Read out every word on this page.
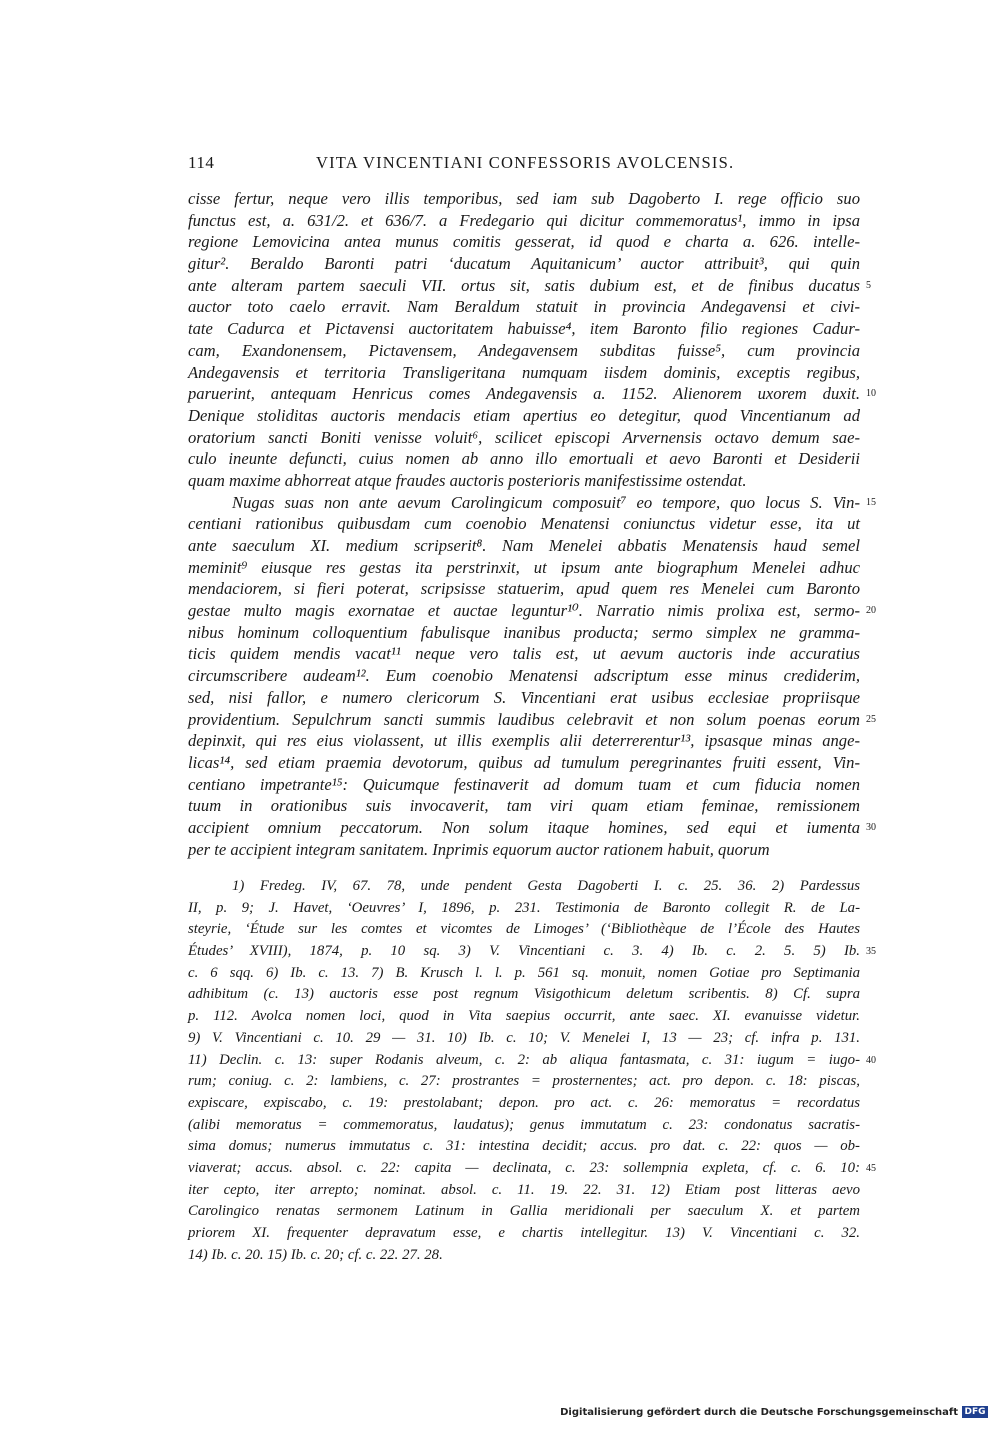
114	VITA VINCENTIANI CONFESSORIS AVOLCENSIS.
cisse fertur, neque vero illis temporibus, sed iam sub Dagoberto I. rege officio suo
functus est, a. 631/2. et 636/7. a Fredegario qui dicitur commemoratus¹, immo in ipsa
regione Lemovicina antea munus comitis gesserat, id quod e charta a. 626. intelle-
gitur². Beraldo Baronti patri ‘ducatum Aquitanicum’ auctor attribuit³, qui quin
ante alteram partem saeculi VII. ortus sit, satis dubium est, et de finibus ducatus 5
auctor toto caelo erravit. Nam Beraldum statuit in provincia Andegavensi et civi-
tate Cadurca et Pictavensi auctoritatem habuisse⁴, item Baronto filio regiones Cadur-
cam, Exandonensem, Pictavensem, Andegavensem subditas fuisse⁵, cum provincia
Andegavensis et territoria Transligeritana numquam iisdem dominis, exceptis regibus,
paruerint, antequam Henricus comes Andegavensis a. 1152. Alienorem uxorem duxit. 10
Denique stoliditas auctoris mendacis etiam apertius eo detegitur, quod Vincentianum ad
oratorium sancti Boniti venisse voluit⁶, scilicet episcopi Arvernensis octavo demum sae-
culo ineunte defuncti, cuius nomen ab anno illo emortuali et aevo Baronti et Desiderii
quam maxime abhorreat atque fraudes auctoris posterioris manifestissime ostendat.
Nugas suas non ante aevum Carolingicum composuit⁷ eo tempore, quo locus S. Vin- 15
centiani rationibus quibusdam cum coenobio Menatensi coniunctus videtur esse, ita ut
ante saeculum XI. medium scripserit⁸. Nam Menelei abbatis Menatensis haud semel
meminit⁹ eiusque res gestas ita perstrinxit, ut ipsum ante biographum Menelei adhuc
mendaciorem, si fieri poterat, scripsisse statuerim, apud quem res Menelei cum Baronto
gestae multo magis exornatae et auctae leguntur¹⁰. Narratio nimis prolixa est, sermo- 20
nibus hominum colloquentium fabulisque inanibus producta; sermo simplex ne gramma-
ticis quidem mendis vacat¹¹ neque vero talis est, ut aevum auctoris inde accuratius
circumscribere audeam¹². Eum coenobio Menatensi adscriptum esse minus crediderim,
sed, nisi fallor, e numero clericorum S. Vincentiani erat usibus ecclesiae propriisque
providentium. Sepulchrum sancti summis laudibus celebravit et non solum poenas eorum 25
depinxit, qui res eius violassent, ut illis exemplis alii deterrerentur¹³, ipsasque minas ange-
licas¹⁴, sed etiam praemia devotorum, quibus ad tumulum peregrinantes fruiti essent, Vin-
centiano impetrante¹⁵: Quicumque festinaverit ad domum tuam et cum fiducia nomen
tuum in orationibus suis invocaverit, tam viri quam etiam feminae, remissionem
accipient omnium peccatorum. Non solum itaque homines, sed equi et iumenta 30
per te accipient integram sanitatem. Inprimis equorum auctor rationem habuit, quorum
1) Fredeg. IV, 67. 78, unde pendent Gesta Dagoberti I. c. 25. 36. 2) Pardessus
II, p. 9; J. Havet, ‘Oeuvres’ I, 1896, p. 231. Testimonia de Baronto collegit R. de La-
steyrie, ‘Étude sur les comtes et vicomtes de Limoges’ (‘Bibliothèque de l’École des Hautes
Études’ XVIII), 1874, p. 10 sq. 3) V. Vincentiani c. 3. 4) Ib. c. 2. 5. 5) Ib. 35
c. 6 sqq. 6) Ib. c. 13. 7) B. Krusch l. l. p. 561 sq. monuit, nomen Gotiae pro Septimania
adhibitum (c. 13) auctoris esse post regnum Visigothicum deletum scribentis. 8) Cf. supra
p. 112. Avolca nomen loci, quod in Vita saepius occurrit, ante saec. XI. evanuisse videtur.
9) V. Vincentiani c. 10. 29 — 31. 10) Ib. c. 10; V. Menelei I, 13 — 23; cf. infra p. 131.
11) Declin. c. 13: super Rodanis alveum, c. 2: ab aliqua fantasmata, c. 31: iugum = iugo- 40
rum; coniug. c. 2: lambiens, c. 27: prostrantes = prosternentes; act. pro depon. c. 18: piscas,
expiscare, expiscabo, c. 19: prestolabant; depon. pro act. c. 26: memoratus = recordatus
(alibi memoratus = commemoratus, laudatus); genus immutatum c. 23: condonatus sacratis-
sima domus; numerus immutatus c. 31: intestina decidit; accus. pro dat. c. 22: quos — ob-
viaverat; accus. absol. c. 22: capita — declinata, c. 23: sollempnia expleta, cf. c. 6. 10: 45
iter cepto, iter arrepto; nominat. absol. c. 11. 19. 22. 31. 12) Etiam post litteras aevo
Carolingico renatas sermonem Latinum in Gallia meridionali per saeculum X. et partem
priorem XI. frequenter depravatum esse, e chartis intellegitur. 13) V. Vincentiani c. 32.
14) Ib. c. 20. 15) Ib. c. 20; cf. c. 22. 27. 28.
Digitalisierung gefördert durch die Deutsche Forschungsgemeinschaft DFG
